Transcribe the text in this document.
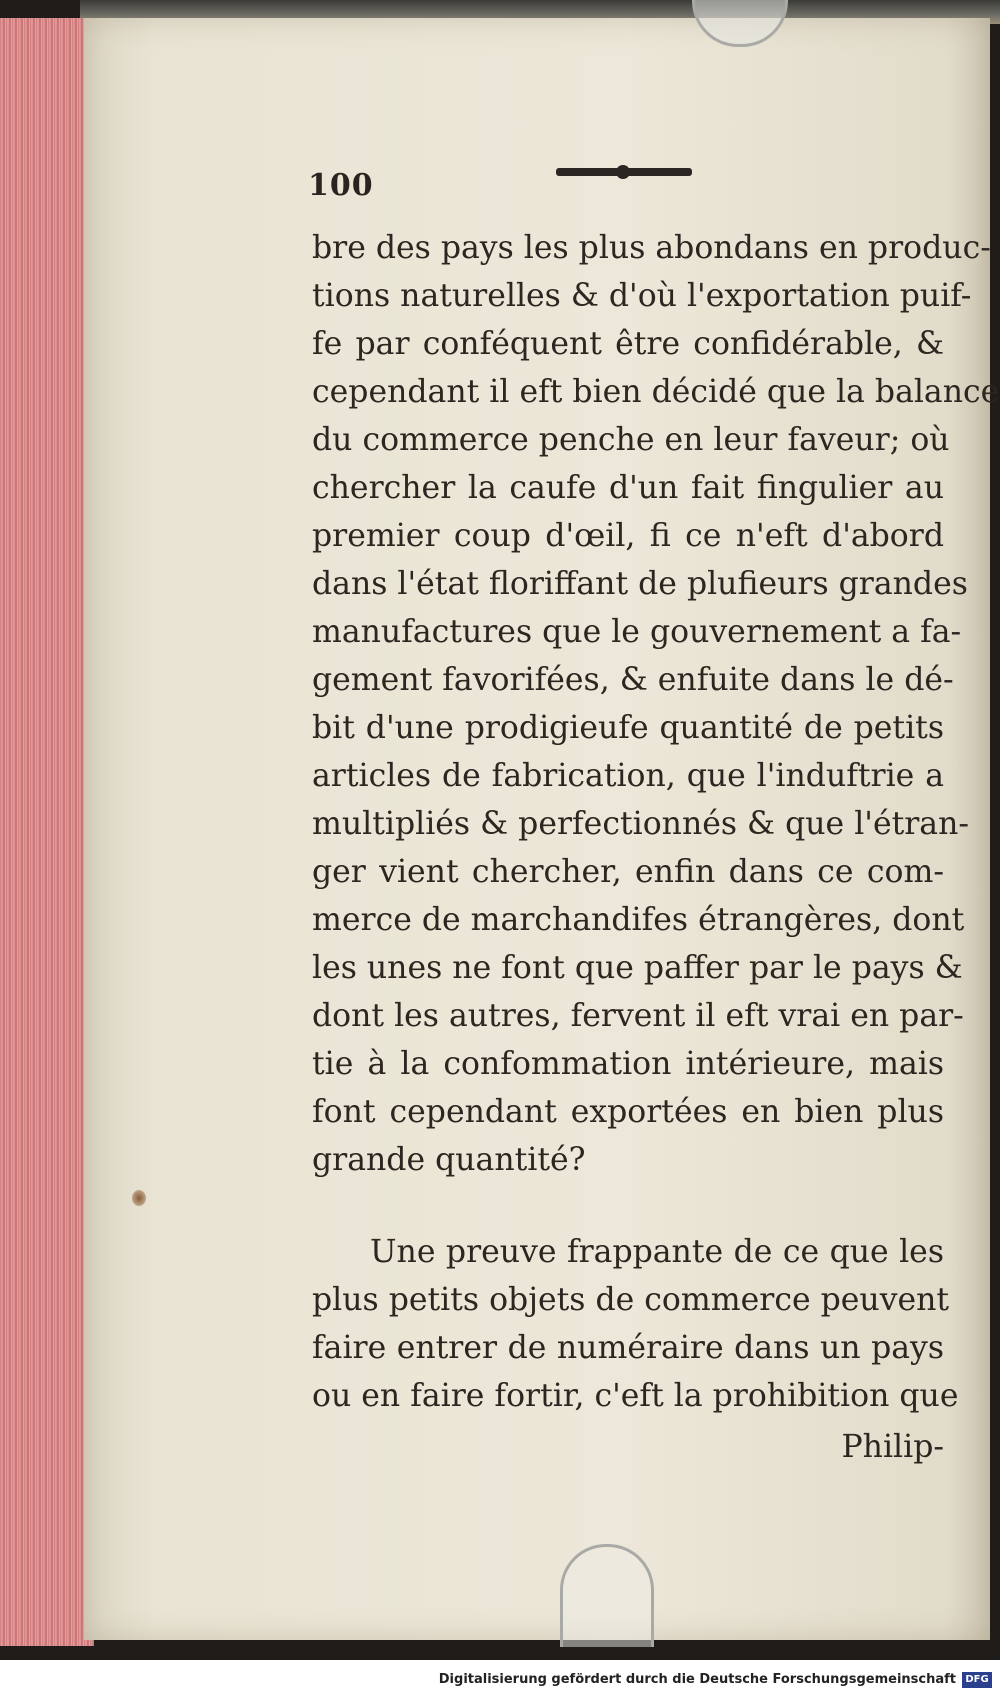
100
bre des pays les plus abondans en produc-
tions naturelles & d'où l'exportation puif-
fe par conféquent être confidérable, &
cependant il eft bien décidé que la balance
du commerce penche en leur faveur; où
chercher la caufe d'un fait fingulier au
premier coup d'œil, fi ce n'eft d'abord
dans l'état floriffant de plufieurs grandes
manufactures que le gouvernement a fa-
gement favorifées, & enfuite dans le dé-
bit d'une prodigieufe quantité de petits
articles de fabrication, que l'induftrie a
multipliés & perfectionnés & que l'étran-
ger vient chercher, enfin dans ce com-
merce de marchandifes étrangères, dont
les unes ne font que paffer par le pays &
dont les autres, fervent il eft vrai en par-
tie à la confommation intérieure, mais
font cependant exportées en bien plus
grande quantité?
Une preuve frappante de ce que les
plus petits objets de commerce peuvent
faire entrer de numéraire dans un pays
ou en faire fortir, c'eft la prohibition que
Philip-
Digitalisierung gefördert durch die Deutsche Forschungsgemeinschaft DFG
